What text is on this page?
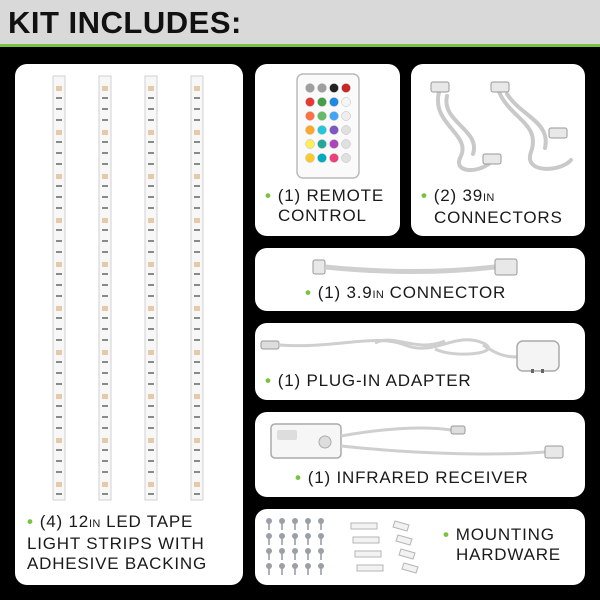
KIT INCLUDES:
• (4) 12IN LED TAPE
LIGHT STRIPS WITH
ADHESIVE BACKING
• (1) REMOTE
CONTROL
• (2) 39IN
CONNECTORS
• (1) 3.9IN CONNECTOR
• (1) PLUG-IN ADAPTER
• (1) INFRARED RECEIVER
• MOUNTING
HARDWARE
